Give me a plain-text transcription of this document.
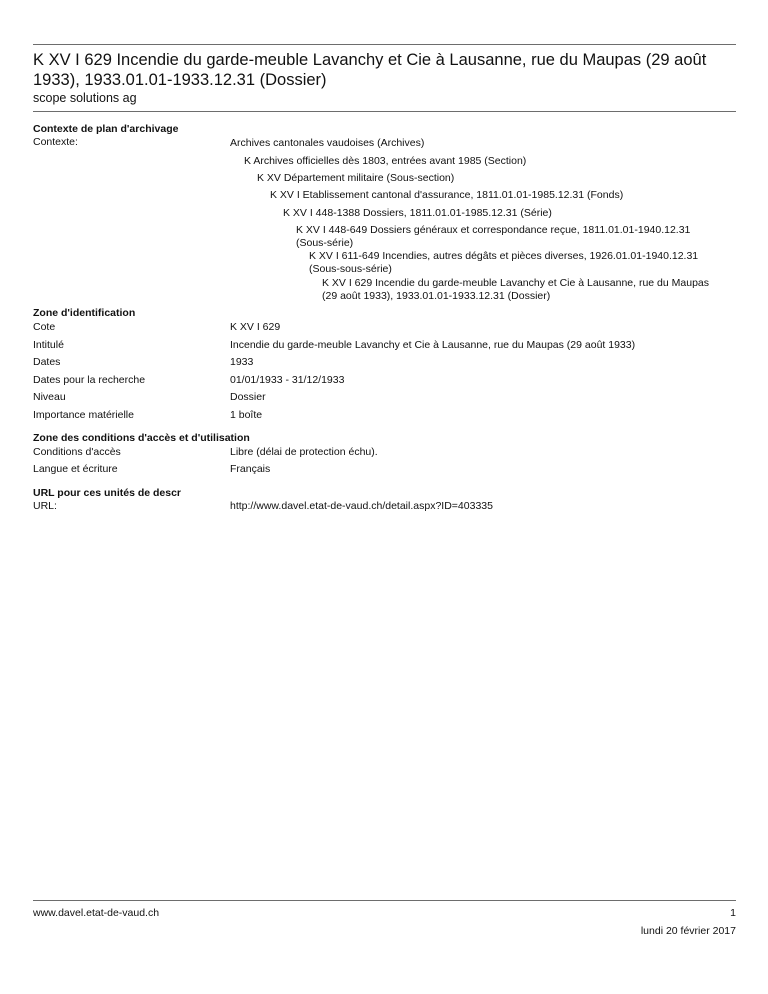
K XV I 629 Incendie du garde-meuble Lavanchy et Cie à Lausanne, rue du Maupas (29 août 1933), 1933.01.01-1933.12.31 (Dossier)
scope solutions ag
Contexte de plan d'archivage
Contexte:	Archives cantonales vaudoises (Archives)
K Archives officielles dès 1803, entrées avant 1985 (Section)
K XV Département militaire (Sous-section)
K XV I Etablissement cantonal d'assurance, 1811.01.01-1985.12.31 (Fonds)
K XV I 448-1388 Dossiers, 1811.01.01-1985.12.31 (Série)
K XV I 448-649 Dossiers généraux et correspondance reçue, 1811.01.01-1940.12.31 (Sous-série)
K XV I 611-649 Incendies, autres dégâts et pièces diverses, 1926.01.01-1940.12.31 (Sous-sous-série)
K XV I 629 Incendie du garde-meuble Lavanchy et Cie à Lausanne, rue du Maupas (29 août 1933), 1933.01.01-1933.12.31 (Dossier)
Zone d'identification
Cote	K XV I 629
Intitulé	Incendie du garde-meuble Lavanchy et Cie à Lausanne, rue du Maupas (29 août 1933)
Dates	1933
Dates pour la recherche	01/01/1933 - 31/12/1933
Niveau	Dossier
Importance matérielle	1 boîte
Zone des conditions d'accès et d'utilisation
Conditions d'accès	Libre (délai de protection échu).
Langue et écriture	Français
URL pour ces unités de descr
URL:	http://www.davel.etat-de-vaud.ch/detail.aspx?ID=403335
www.davel.etat-de-vaud.ch	1
lundi 20 février 2017
